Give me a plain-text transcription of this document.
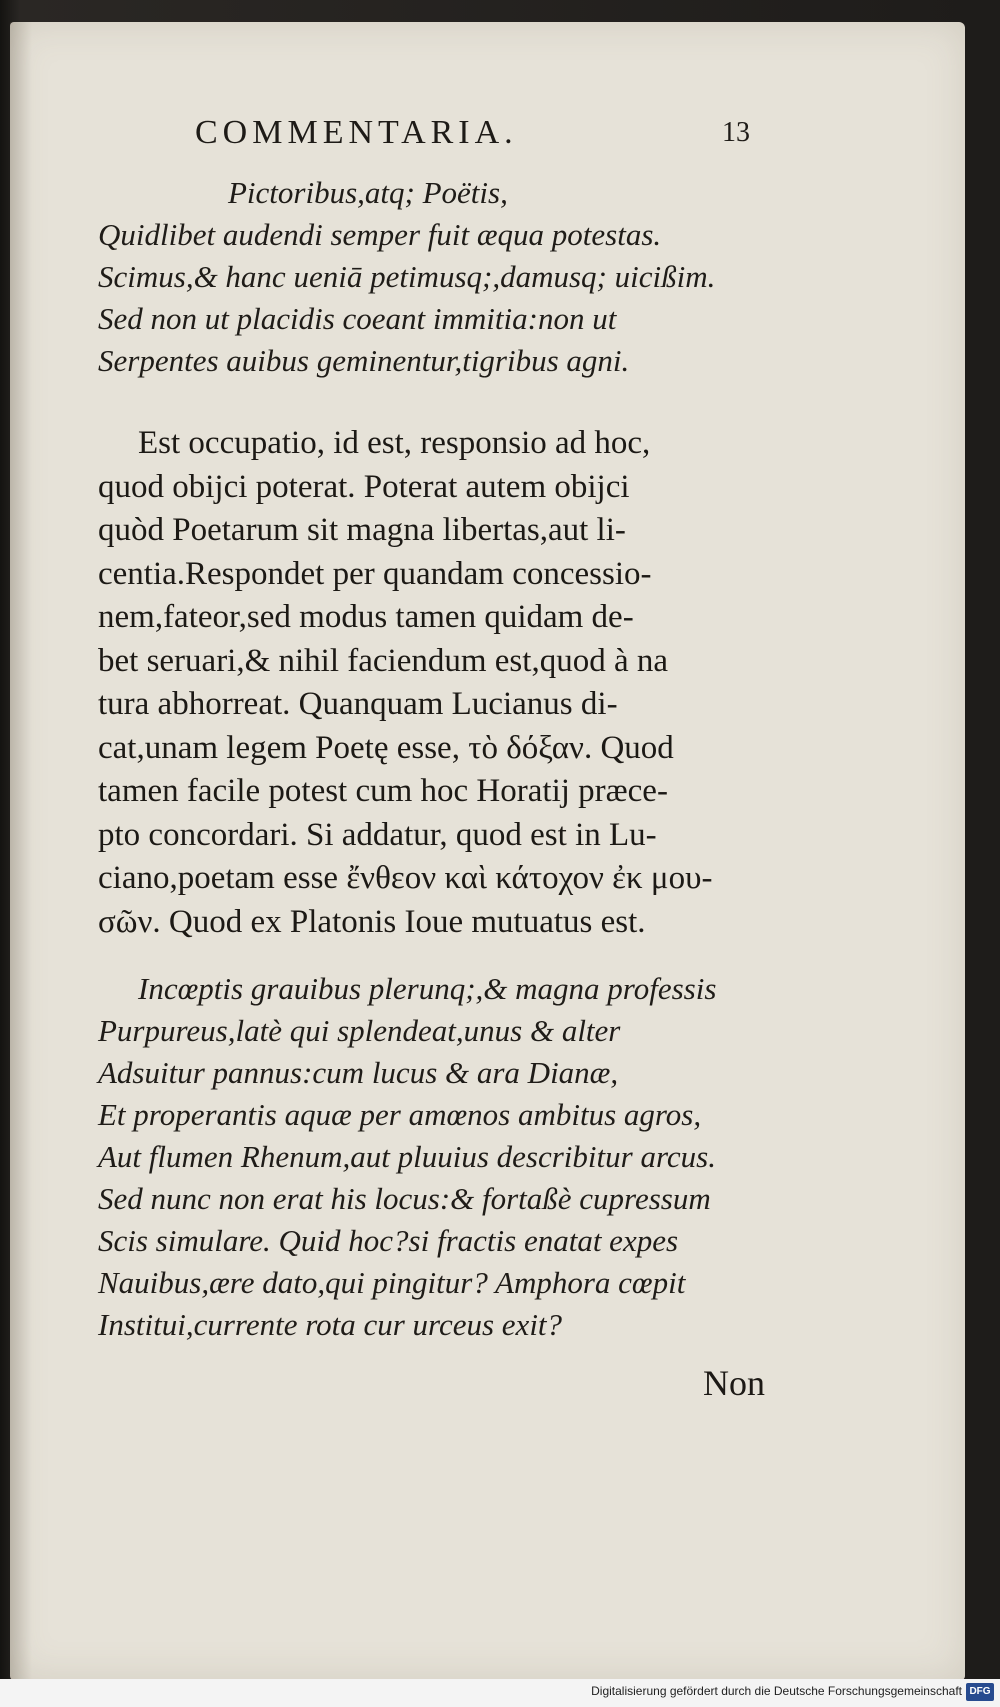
COMMENTARIA.	13
Pictoribus,atq; Poëtis,
Quidlibet audendi semper fuit æqua potestas.
Scimus,& hanc ueniā petimusq;,damusq; uicißim.
Sed non ut placidis coeant immitia:non ut
Serpentes auibus geminentur,tigribus agni.
Est occupatio, id est, responsio ad hoc,
quod obijci poterat. Poterat autem obijci
quòd Poetarum sit magna libertas,aut li-
centia.Respondet per quandam concessio-
nem,fateor,sed modus tamen quidam de-
bet seruari,& nihil faciendum est,quod à na
tura abhorreat. Quanquam Lucianus di-
cat,unam legem Poetę esse, τὸ δόξαν. Quod
tamen facile potest cum hoc Horatij præce-
pto concordari. Si addatur, quod est in Lu-
ciano,poetam esse ἔνθεον καὶ κάτοχον ἐκ μου-
σῶν. Quod ex Platonis Ioue mutuatus est.
Incœptis grauibus plerunq;,& magna professis
Purpureus,latè qui splendeat,unus & alter
Adsuitur pannus:cum lucus & ara Dianæ,
Et properantis aquæ per amœnos ambitus agros,
Aut flumen Rhenum,aut pluuius describitur arcus.
Sed nunc non erat his locus:& fortaßè cupressum
Scis simulare. Quid hoc?si fractis enatat expes
Nauibus,ære dato,qui pingitur? Amphora cœpit
Institui,currente rota cur urceus exit?
Non
Digitalisierung gefördert durch die Deutsche Forschungsgemeinschaft DFG
